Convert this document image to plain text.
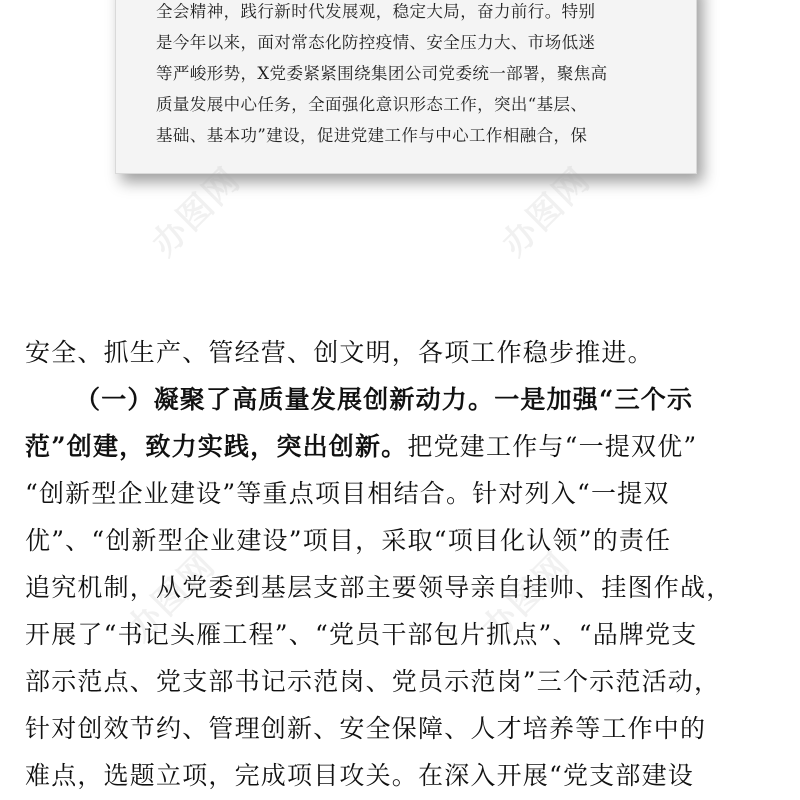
全会精神，践行新时代发展观，稳定大局，奋力前行。特别
是今年以来，面对常态化防控疫情、安全压力大、市场低迷
等严峻形势，X党委紧紧围绕集团公司党委统一部署，聚焦高
质量发展中心任务，全面强化意识形态工作，突出“基层、
基础、基本功”建设，促进党建工作与中心工作相融合，保
办图网	办图网
办图网	办图网
安全、抓生产、管经营、创文明，各项工作稳步推进。
（一）凝聚了高质量发展创新动力。一是加强“三个示
范”创建，致力实践，突出创新。把党建工作与“一提双优”
“创新型企业建设”等重点项目相结合。针对列入“一提双
优”、“创新型企业建设”项目，采取“项目化认领”的责任
追究机制，从党委到基层支部主要领导亲自挂帅、挂图作战，
开展了“书记头雁工程”、“党员干部包片抓点”、“品牌党支
部示范点、党支部书记示范岗、党员示范岗”三个示范活动，
针对创效节约、管理创新、安全保障、人才培养等工作中的
难点，选题立项，完成项目攻关。在深入开展“党支部建设
